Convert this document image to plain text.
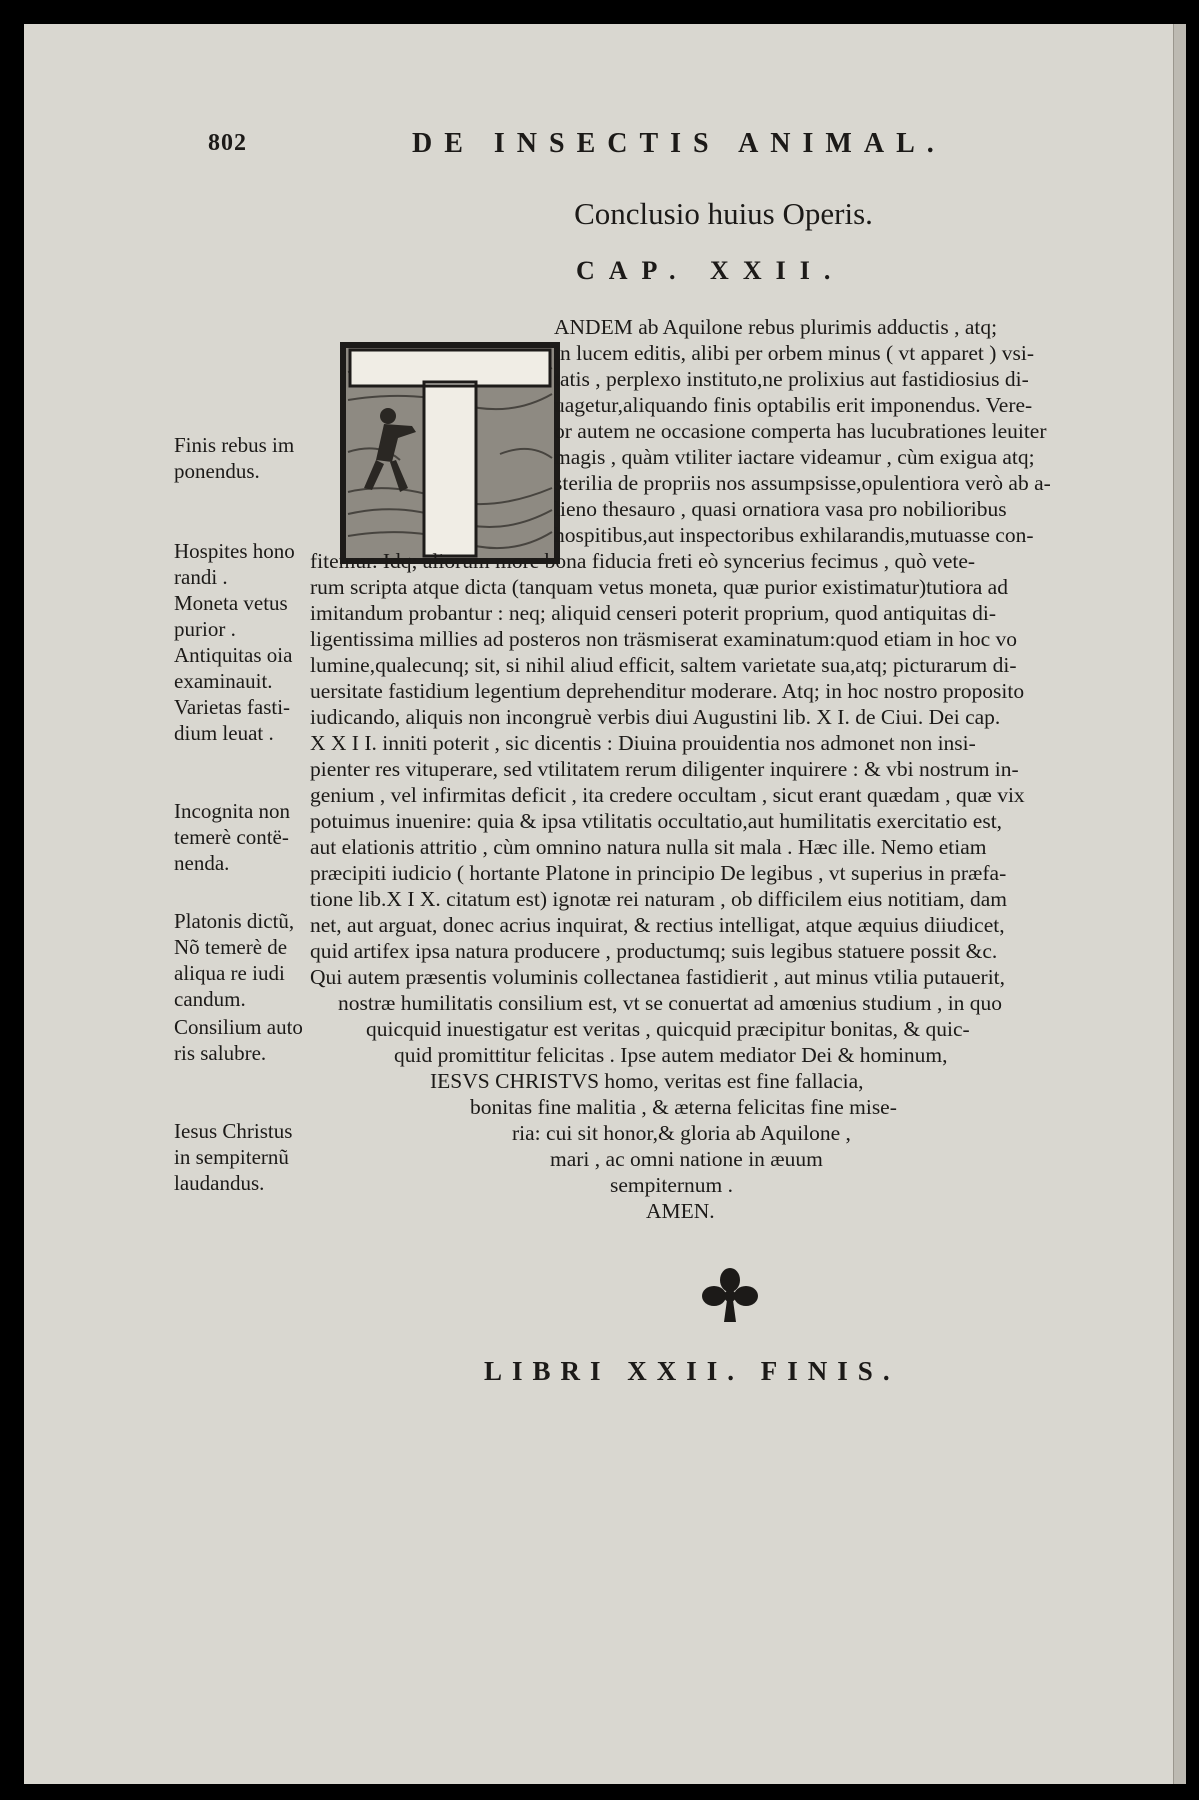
802	DE INSECTIS ANIMAL.
Conclusio huius Operis.
CAP. XXII.
Finis rebus im
ponendus.
Hospites hono
randi .
Moneta vetus
purior .
Antiquitas oia
examinauit.
Varietas fasti-
dium leuat .
Incognita non
temerè contë-
nenda.
Platonis dictũ,
Nõ temerè de
aliqua re iudi
candum.
Consilium auto
ris salubre.
Iesus Christus
in sempiternũ
laudandus.
ANDEM ab Aquilone rebus plurimis adductis , atq;
in lucem editis, alibi per orbem minus ( vt apparet ) vsi-
tatis , perplexo instituto,ne prolixius aut fastidiosius di-
uagetur,aliquando finis optabilis erit imponendus. Vere-
or autem ne occasione comperta has lucubrationes leuiter
magis , quàm vtiliter iactare videamur , cùm exigua atq;
sterilia de propriis nos assumpsisse,opulentiora verò ab a-
lieno thesauro , quasi ornatiora vasa pro nobilioribus
hospitibus,aut inspectoribus exhilarandis,mutuasse con-
fitemur. Idq; aliorum more bona fiducia freti eò syncerius fecimus , quò vete-
rum scripta atque dicta (tanquam vetus moneta, quæ purior existimatur)tutiora ad
imitandum probantur : neq; aliquid censeri poterit proprium, quod antiquitas di-
ligentissima millies ad posteros non träsmiserat examinatum:quod etiam in hoc vo
lumine,qualecunq; sit, si nihil aliud efficit, saltem varietate sua,atq; picturarum di-
uersitate fastidium legentium deprehenditur moderare. Atq; in hoc nostro proposito
iudicando, aliquis non incongruè verbis diui Augustini lib. X I. de Ciui. Dei cap.
X X I I. inniti poterit , sic dicentis : Diuina prouidentia nos admonet non insi-
pienter res vituperare, sed vtilitatem rerum diligenter inquirere : & vbi nostrum in-
genium , vel infirmitas deficit , ita credere occultam , sicut erant quædam , quæ vix
potuimus inuenire: quia & ipsa vtilitatis occultatio,aut humilitatis exercitatio est,
aut elationis attritio , cùm omnino natura nulla sit mala . Hæc ille. Nemo etiam
præcipiti iudicio ( hortante Platone in principio De legibus , vt superius in præfa-
tione lib.X I X. citatum est) ignotæ rei naturam , ob difficilem eius notitiam, dam
net, aut arguat, donec acrius inquirat, & rectius intelligat, atque æquius diiudicet,
quid artifex ipsa natura producere , productumq; suis legibus statuere possit &c.
Qui autem præsentis voluminis collectanea fastidierit , aut minus vtilia putauerit,
nostræ humilitatis consilium est, vt se conuertat ad amœnius studium , in quo
quicquid inuestigatur est veritas , quicquid præcipitur bonitas, & quic-
quid promittitur felicitas . Ipse autem mediator Dei & hominum,
IESVS CHRISTVS homo, veritas est fine fallacia,
bonitas fine malitia , & æterna felicitas fine mise-
ria: cui sit honor,& gloria ab Aquilone ,
mari , ac omni natione in æuum
sempiternum .
AMEN.
LIBRI XXII. FINIS.
